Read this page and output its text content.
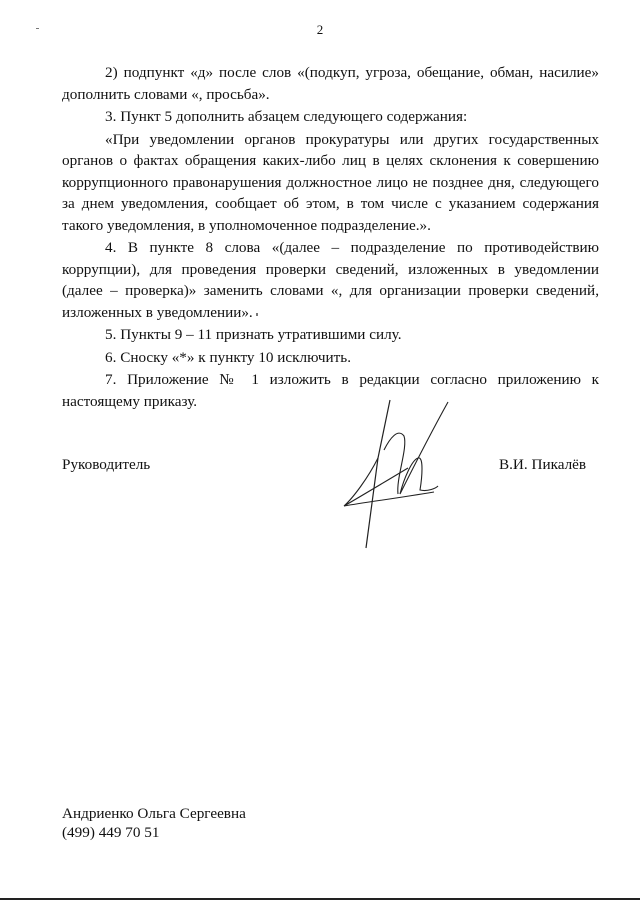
2

2) подпункт «д» после слов «(подкуп, угроза, обещание, обман, насилие» дополнить словами «, просьба».

3. Пункт 5 дополнить абзацем следующего содержания:

«При уведомлении органов прокуратуры или других государственных органов о фактах обращения каких-либо лиц в целях склонения к совершению коррупционного правонарушения должностное лицо не позднее дня, следующего за днем уведомления, сообщает об этом, в том числе с указанием содержания такого уведомления, в уполномоченное подразделение.».

4. В пункте 8 слова «(далее – подразделение по противодействию коррупции), для проведения проверки сведений, изложенных в уведомлении (далее – проверка)» заменить словами «, для организации проверки сведений, изложенных в уведомлении».

5. Пункты 9 – 11 признать утратившими силу.

6. Сноску «*» к пункту 10 исключить.

7. Приложение № 1 изложить в редакции согласно приложению к настоящему приказу.

Руководитель	В.И. Пикалёв
Андриенко Ольга Сергеевна
(499) 449 70 51
